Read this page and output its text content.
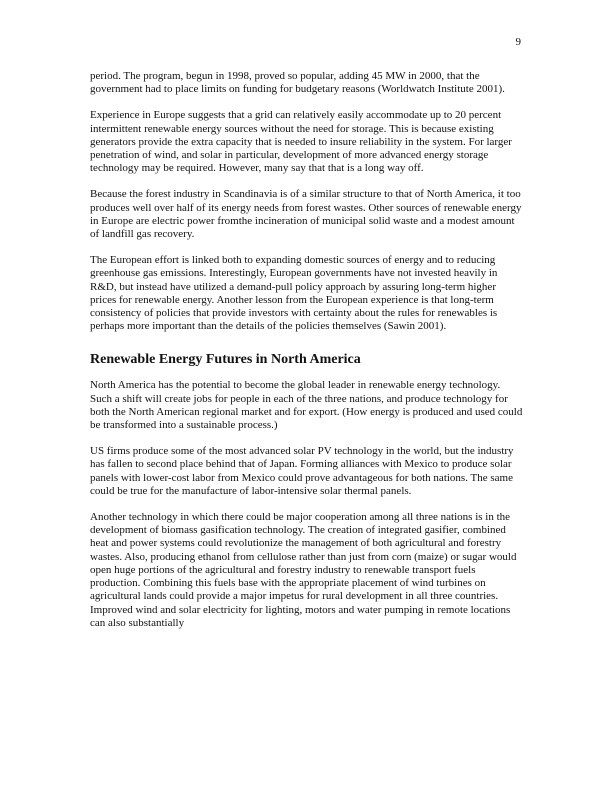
9

period. The program, begun in 1998, proved so popular, adding 45 MW in 2000, that the government had to place limits on funding for budgetary reasons (Worldwatch Institute 2001).

Experience in Europe suggests that a grid can relatively easily accommodate up to 20 percent intermittent renewable energy sources without the need for storage. This is because existing generators provide the extra capacity that is needed to insure reliability in the system. For larger penetration of wind, and solar in particular, development of more advanced energy storage technology may be required. However, many say that that is a long way off.

Because the forest industry in Scandinavia is of a similar structure to that of North America, it too produces well over half of its energy needs from forest wastes. Other sources of renewable energy in Europe are electric power fromthe incineration of municipal solid waste and a modest amount of landfill gas recovery.

The European effort is linked both to expanding domestic sources of energy and to reducing greenhouse gas emissions. Interestingly, European governments have not invested heavily in R&D, but instead have utilized a demand-pull policy approach by assuring long-term higher prices for renewable energy. Another lesson from the European experience is that long-term consistency of policies that provide investors with certainty about the rules for renewables is perhaps more important than the details of the policies themselves (Sawin 2001).

Renewable Energy Futures in North America

North America has the potential to become the global leader in renewable energy technology. Such a shift will create jobs for people in each of the three nations, and produce technology for both the North American regional market and for export. (How energy is produced and used could be transformed into a sustainable process.)

US firms produce some of the most advanced solar PV technology in the world, but the industry has fallen to second place behind that of Japan. Forming alliances with Mexico to produce solar panels with lower-cost labor from Mexico could prove advantageous for both nations. The same could be true for the manufacture of labor-intensive solar thermal panels.

Another technology in which there could be major cooperation among all three nations is in the development of biomass gasification technology. The creation of integrated gasifier, combined heat and power systems could revolutionize the management of both agricultural and forestry wastes. Also, producing ethanol from cellulose rather than just from corn (maize) or sugar would open huge portions of the agricultural and forestry industry to renewable transport fuels production. Combining this fuels base with the appropriate placement of wind turbines on agricultural lands could provide a major impetus for rural development in all three countries. Improved wind and solar electricity for lighting, motors and water pumping in remote locations can also substantially
